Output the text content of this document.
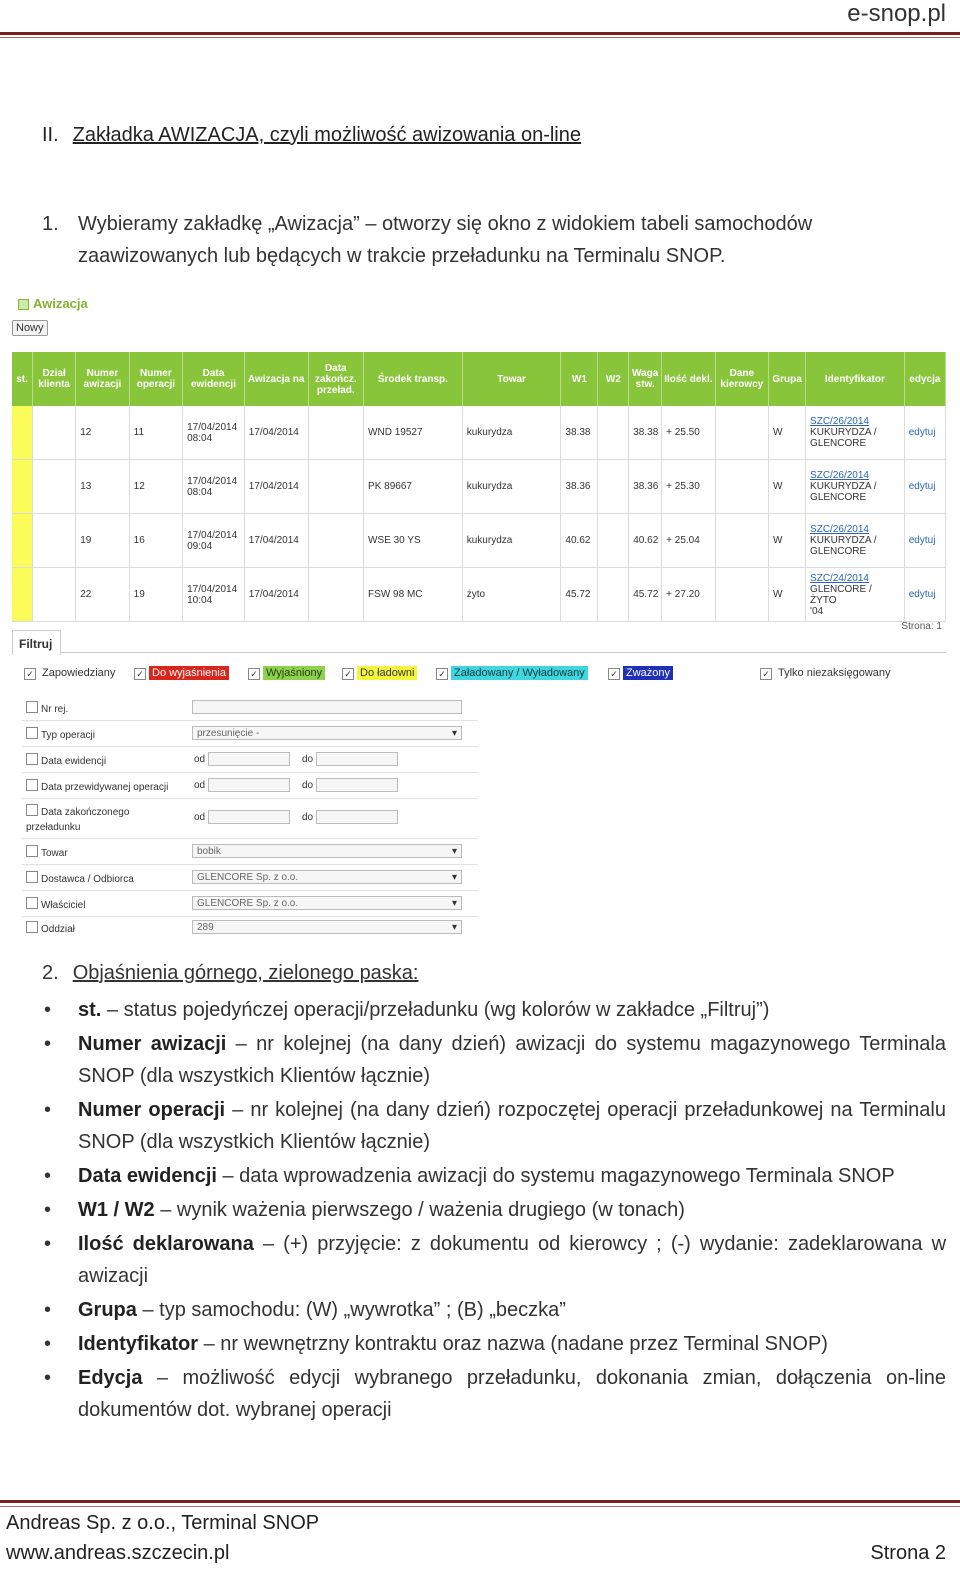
e-snop.pl
II. Zakładka AWIZACJA, czyli możliwość awizowania on-line
1. Wybieramy zakładkę „Awizacja” – otworzy się okno z widokiem tabeli samochodów
zaawizowanych lub będących w trakcie przeładunku na Terminalu SNOP.
Awizacja
Nowy
st.	Dział klienta	Numer awizacji	Numer operacji	Data ewidencji	Awizacja na	Data zakończ. przeład.	Środek transp.	Towar	W1	W2	Waga stw.	Ilość dekl.	Dane kierowcy	Grupa	Identyfikator	edycja
		12	11	17/04/2014
08:04	17/04/2014		WND 19527	kukurydza	38.38		38.38	+ 25.50		W	SZC/26/2014
KUKURYDZA /
GLENCORE	edytuj
		13	12	17/04/2014
08:04	17/04/2014		PK 89667	kukurydza	38.36		38.36	+ 25.30		W	SZC/26/2014
KUKURYDZA /
GLENCORE	edytuj
		19	16	17/04/2014
09:04	17/04/2014		WSE 30 YS	kukurydza	40.62		40.62	+ 25.04		W	SZC/26/2014
KUKURYDZA /
GLENCORE	edytuj
		22	19	17/04/2014
10:04	17/04/2014		FSW 98 MC	żyto	45.72		45.72	+ 27.20		W	SZC/24/2014
GLENCORE / ŻYTO
'04	edytuj
Strona: 1
Filtruj
✓ Zapowiedziany	✓ Do wyjaśnienia	✓ Wyjaśniony	✓ Do ładowni	✓ Załadowany / Wyładowany	✓ Zważony	✓ Tylko niezaksięgowany
Nr rej.
Typ operacji	przesunięcie - ▾
Data ewidencji	od	do
Data przewidywanej operacji	od	do
Data zakończonego
przeładunku
od	do
Towar	bobik ▾
Dostawca / Odbiorca	GLENCORE Sp. z o.o. ▾
Właściciel	GLENCORE Sp. z o.o. ▾
Oddział	289 ▾
2. Objaśnienia górnego, zielonego paska:
• st. – status pojedyńczej operacji/przeładunku (wg kolorów w zakładce „Filtruj”)
• Numer awizacji – nr kolejnej (na dany dzień) awizacji do systemu magazynowego Terminala SNOP (dla wszystkich Klientów łącznie)
• Numer operacji – nr kolejnej (na dany dzień) rozpoczętej operacji przeładunkowej na Terminalu SNOP (dla wszystkich Klientów łącznie)
• Data ewidencji – data wprowadzenia awizacji do systemu magazynowego Terminala SNOP
• W1 / W2 – wynik ważenia pierwszego / ważenia drugiego (w tonach)
• Ilość deklarowana – (+) przyjęcie: z dokumentu od kierowcy ; (-) wydanie: zadeklarowana w awizacji
• Grupa – typ samochodu: (W) „wywrotka” ; (B) „beczka”
• Identyfikator – nr wewnętrzny kontraktu oraz nazwa (nadane przez Terminal SNOP)
• Edycja – możliwość edycji wybranego przeładunku, dokonania zmian, dołączenia on-line dokumentów dot. wybranej operacji
Andreas Sp. z o.o., Terminal SNOP
www.andreas.szczecin.pl	Strona 2
